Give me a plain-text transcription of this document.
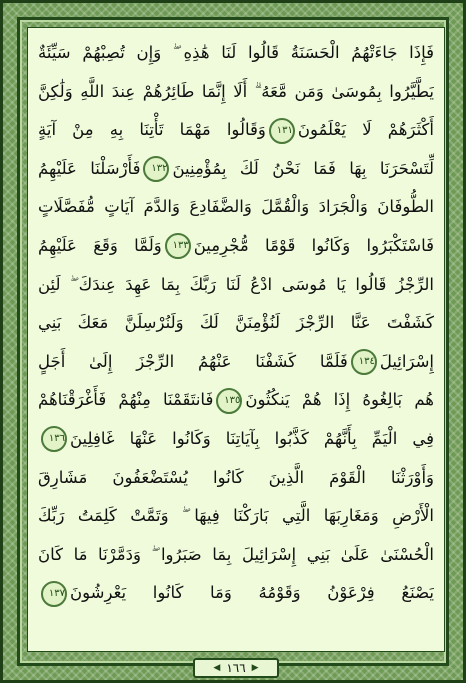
فَإِذَا جَاءَتْهُمُ الْحَسَنَةُ قَالُوا لَنَا هَٰذِهِ ۖ وَإِن تُصِبْهُمْ سَيِّئَةٌ
يَطَّيَّرُوا بِمُوسَىٰ وَمَن مَّعَهُ ۗ أَلَا إِنَّمَا طَائِرُهُمْ عِندَ اللَّهِ وَلَٰكِنَّ
أَكْثَرَهُمْ لَا يَعْلَمُونَ١٣١وَقَالُوا مَهْمَا تَأْتِنَا بِهِ مِنْ آيَةٍ
لِّتَسْحَرَنَا بِهَا فَمَا نَحْنُ لَكَ بِمُؤْمِنِينَ١٣٢فَأَرْسَلْنَا عَلَيْهِمُ
الطُّوفَانَ وَالْجَرَادَ وَالْقُمَّلَ وَالضَّفَادِعَ وَالدَّمَ آيَاتٍ مُّفَصَّلَاتٍ
فَاسْتَكْبَرُوا وَكَانُوا قَوْمًا مُّجْرِمِينَ١٣٣وَلَمَّا وَقَعَ عَلَيْهِمُ
الرِّجْزُ قَالُوا يَا مُوسَى ادْعُ لَنَا رَبَّكَ بِمَا عَهِدَ عِندَكَ ۖ لَئِن
كَشَفْتَ عَنَّا الرِّجْزَ لَنُؤْمِنَنَّ لَكَ وَلَنُرْسِلَنَّ مَعَكَ بَنِي
إِسْرَائِيلَ١٣٤فَلَمَّا كَشَفْنَا عَنْهُمُ الرِّجْزَ إِلَىٰ أَجَلٍ
هُم بَالِغُوهُ إِذَا هُمْ يَنكُثُونَ١٣٥فَانتَقَمْنَا مِنْهُمْ فَأَغْرَقْنَاهُمْ
فِي الْيَمِّ بِأَنَّهُمْ كَذَّبُوا بِآيَاتِنَا وَكَانُوا عَنْهَا غَافِلِينَ١٣٦
وَأَوْرَثْنَا الْقَوْمَ الَّذِينَ كَانُوا يُسْتَضْعَفُونَ مَشَارِقَ
الْأَرْضِ وَمَغَارِبَهَا الَّتِي بَارَكْنَا فِيهَا ۖ وَتَمَّتْ كَلِمَتُ رَبِّكَ
الْحُسْنَىٰ عَلَىٰ بَنِي إِسْرَائِيلَ بِمَا صَبَرُوا ۖ وَدَمَّرْنَا مَا كَانَ
يَصْنَعُ فِرْعَوْنُ وَقَوْمُهُ وَمَا كَانُوا يَعْرِشُونَ١٣٧
◀ ١٦٦ ▶
